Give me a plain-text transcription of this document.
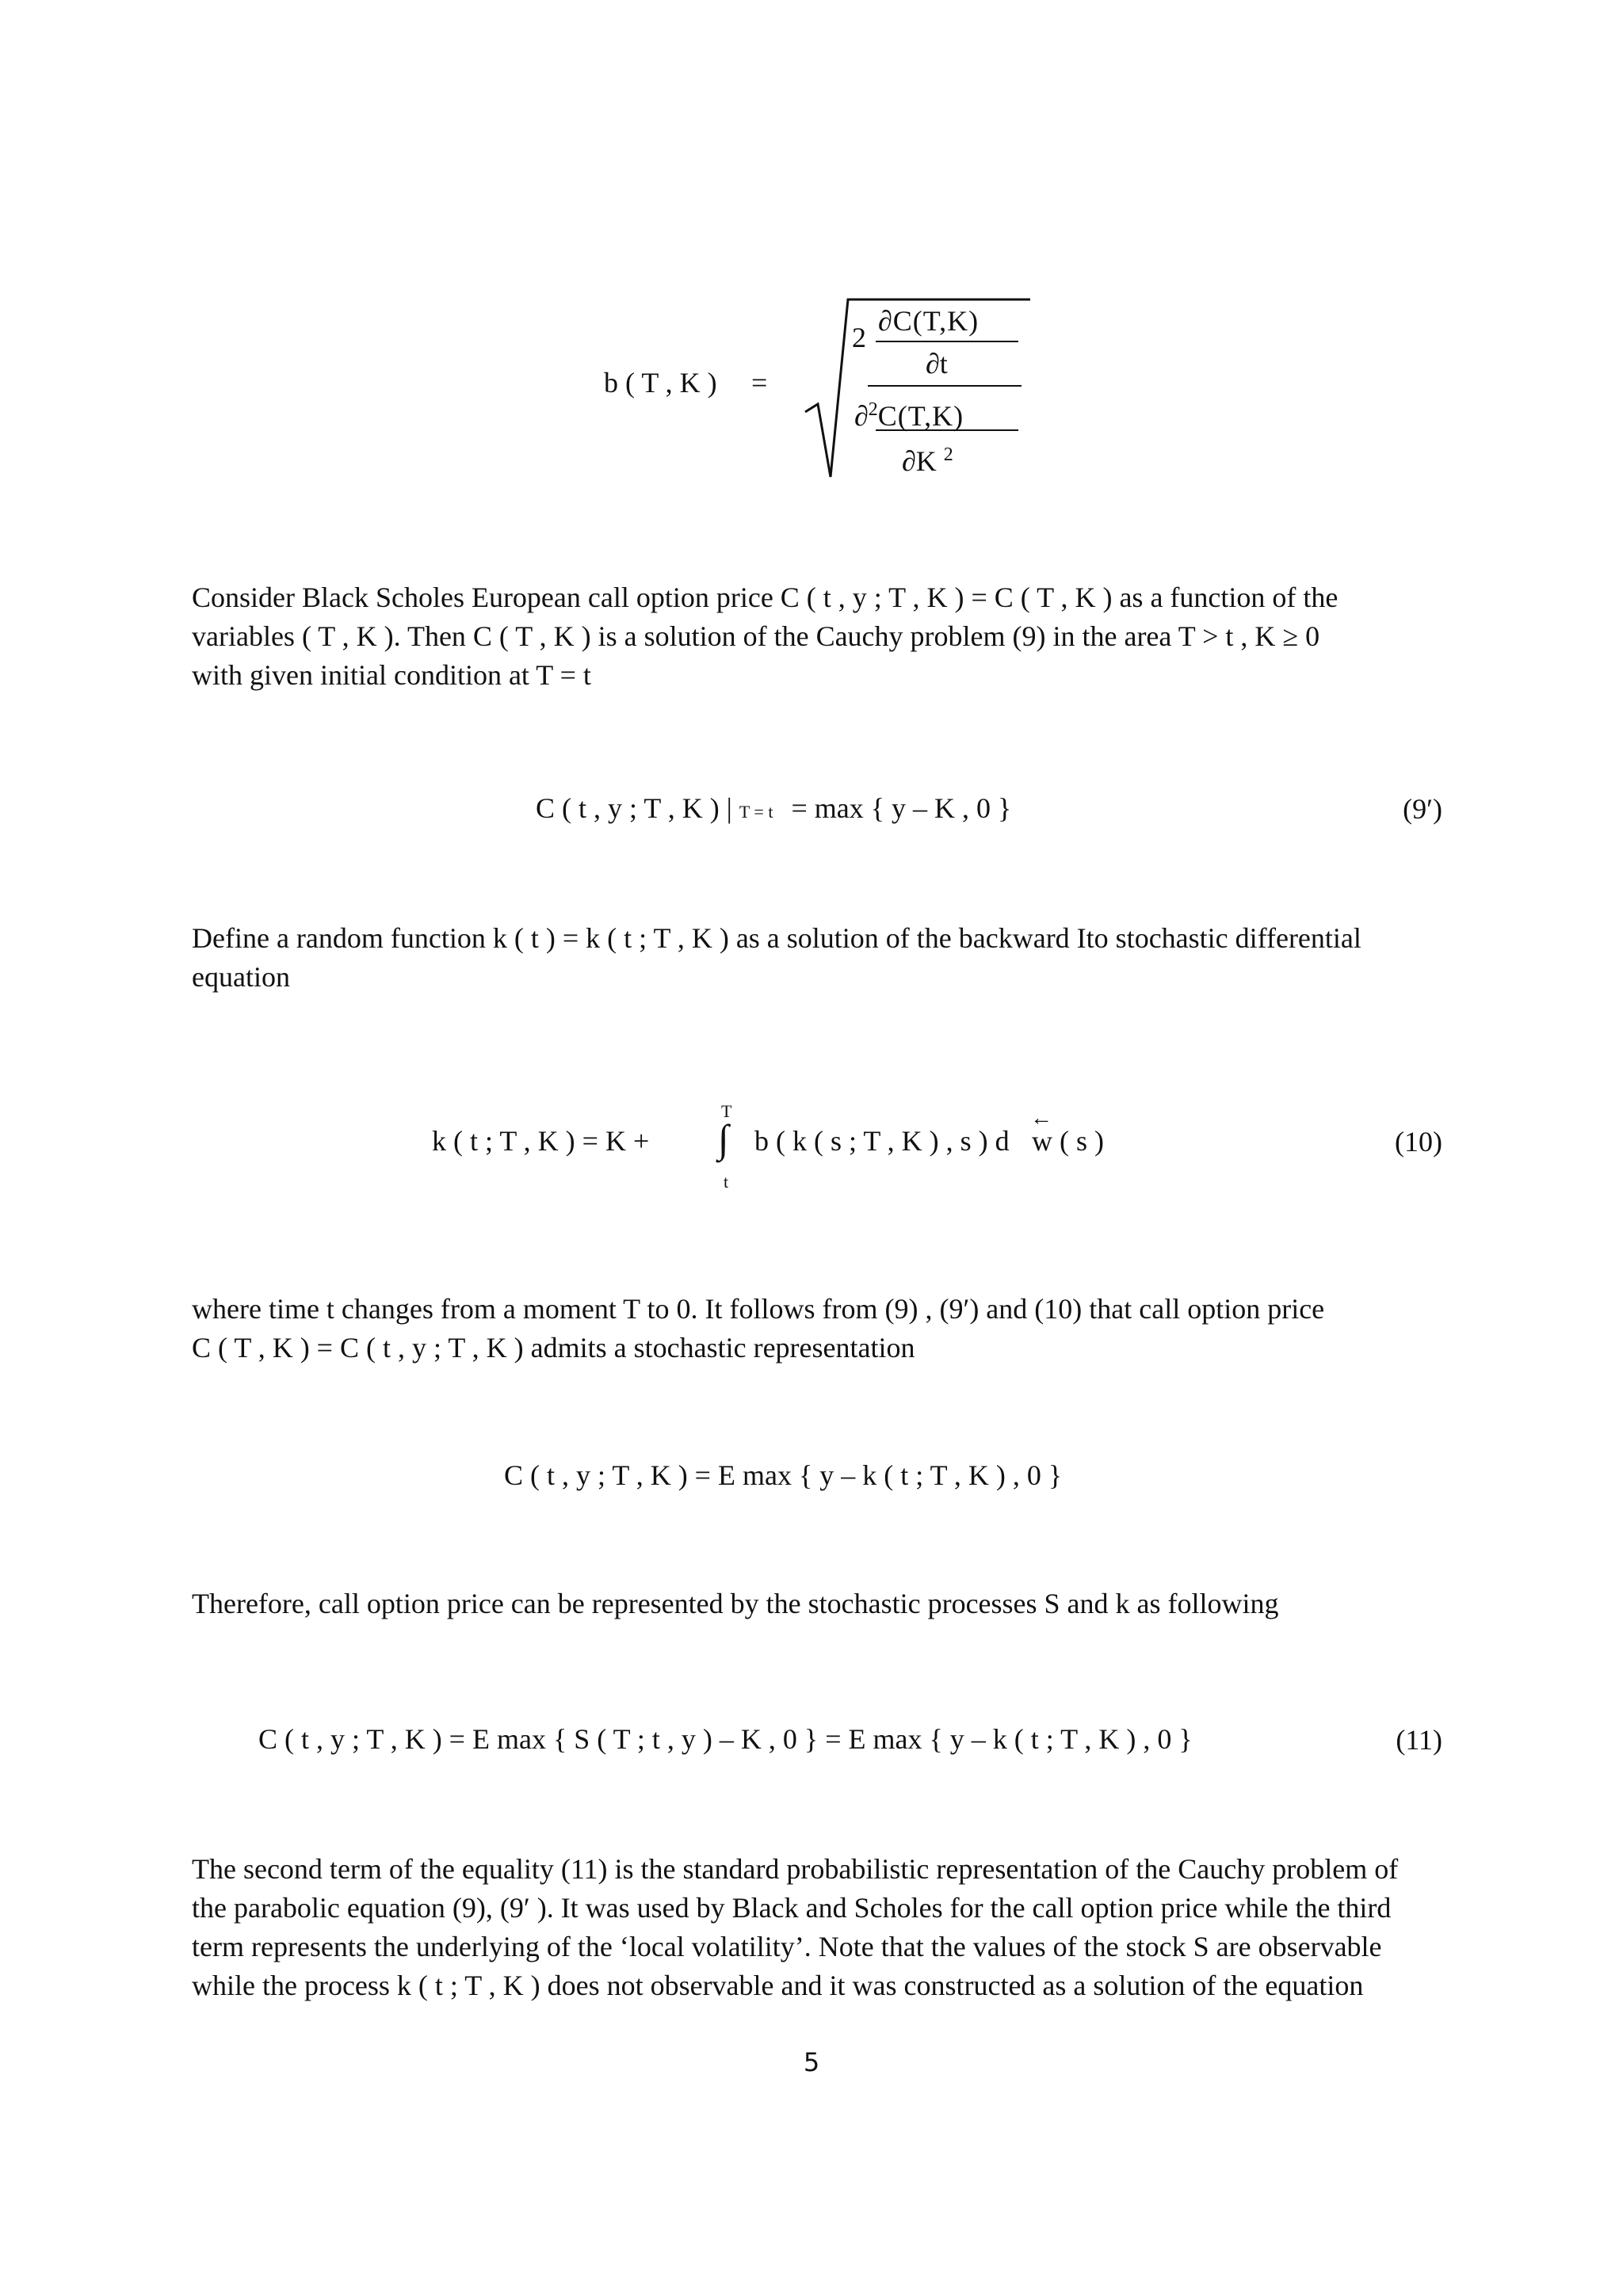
b ( T , K ) =
2
∂C(T,K)
∂t
∂$^2$C(T,K)
∂K $^2$

Consider Black Scholes European call option price C ( t , y ; T , K ) = C ( T , K ) as a function of the
variables ( T , K ). Then C ( T , K ) is a solution of the Cauchy problem (9) in the area T > t , K ≥ 0
with given initial condition at T = t

C ( t , y ; T , K ) | T = t = max { y – K , 0 }	(9′)

Define a random function k ( t ) = k ( t ; T , K ) as a solution of the backward Ito stochastic differential
equation

k ( t ; T , K ) = K +
T
∫
t
b ( k ( s ; T , K ) , s ) d
←
w ( s )	(10)

where time t changes from a moment T to 0. It follows from (9) , (9′) and (10) that call option price
C ( T , K ) = C ( t , y ; T , K ) admits a stochastic representation

C ( t , y ; T , K ) = E max { y – k ( t ; T , K ) , 0 }

Therefore, call option price can be represented by the stochastic processes S and k as following

C ( t , y ; T , K ) = E max { S ( T ; t , y ) – K , 0 } = E max { y – k ( t ; T , K ) , 0 }	(11)

The second term of the equality (11) is the standard probabilistic representation of the Cauchy problem of
the parabolic equation (9), (9′ ). It was used by Black and Scholes for the call option price while the third
term represents the underlying of the ‘local volatility’. Note that the values of the stock S are observable
while the process k ( t ; T , K ) does not observable and it was constructed as a solution of the equation

5
